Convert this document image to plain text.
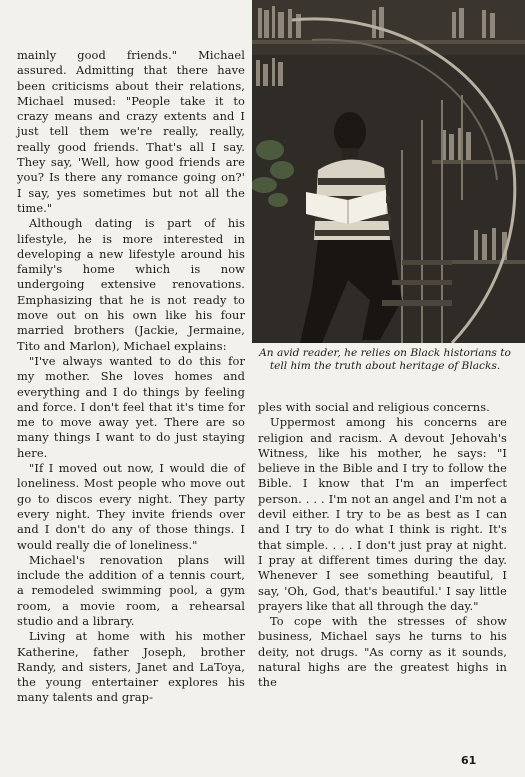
mainly good friends." Michael assured. Admitting that there have been criticisms about their relations, Michael mused: "People take it to crazy means and crazy extents and I just tell them we're really, really, really good friends. That's all I say. They say, 'Well, how good friends are you? Is there any romance going on?' I say, yes sometimes but not all the time."

Although dating is part of his lifestyle, he is more interested in developing a new lifestyle around his family's home which is now undergoing extensive renovations. Emphasizing that he is not ready to move out on his own like his four married brothers (Jackie, Jermaine, Tito and Marlon), Michael explains:

"I've always wanted to do this for my mother. She loves homes and everything and I do things by feeling and force. I don't feel that it's time for me to move away yet. There are so many things I want to do just staying here.

"If I moved out now, I would die of loneliness. Most people who move out go to discos every night. They party every night. They invite friends over and I don't do any of those things. I would really die of loneliness."

Michael's renovation plans will include the addition of a tennis court, a remodeled swimming pool, a gym room, a movie room, a rehearsal studio and a library.

Living at home with his mother Katherine, father Joseph, brother Randy, and sisters, Janet and LaToya, the young entertainer explores his many talents and grap-

An avid reader, he relies on Black historians to tell him the truth about heritage of Blacks.

ples with social and religious concerns.

Uppermost among his concerns are religion and racism. A devout Jehovah's Witness, like his mother, he says: "I believe in the Bible and I try to follow the Bible. I know that I'm an imperfect person. . . . I'm not an angel and I'm not a devil either. I try to be as best as I can and I try to do what I think is right. It's that simple. . . . I don't just pray at night. I pray at different times during the day. Whenever I see something beautiful, I say, 'Oh, God, that's beautiful.' I say little prayers like that all through the day."

To cope with the stresses of show business, Michael says he turns to his deity, not drugs. "As corny as it sounds, natural highs are the greatest highs in the

61
